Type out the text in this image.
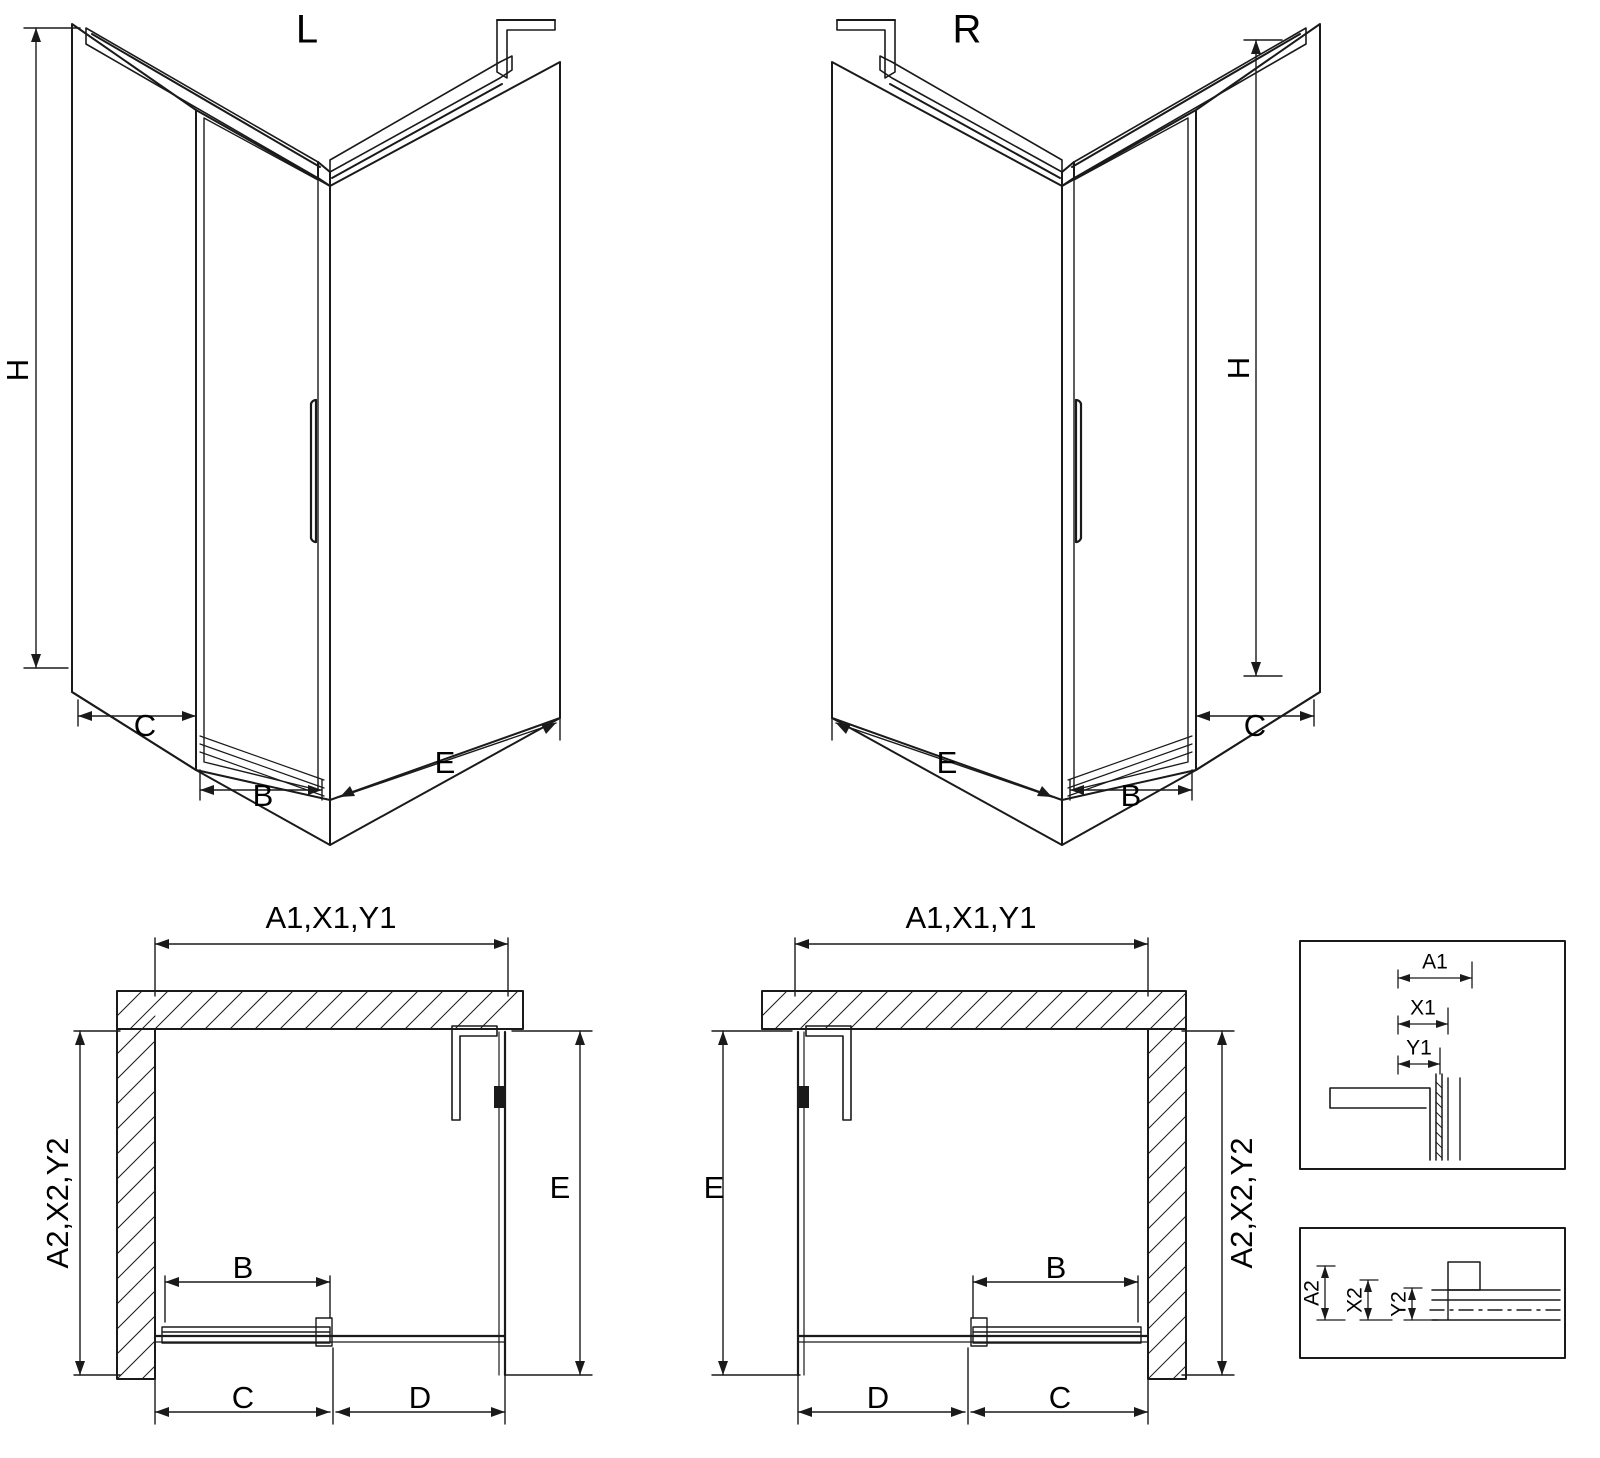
L	R
H
C
B
E
H
C
B
E
A1,X1,Y1
A2,X2,Y2	E
B
C	D
A1,X1,Y1
E	A2,X2,Y2
B
D	C
A1
X1
Y1
A2 X2 Y2
